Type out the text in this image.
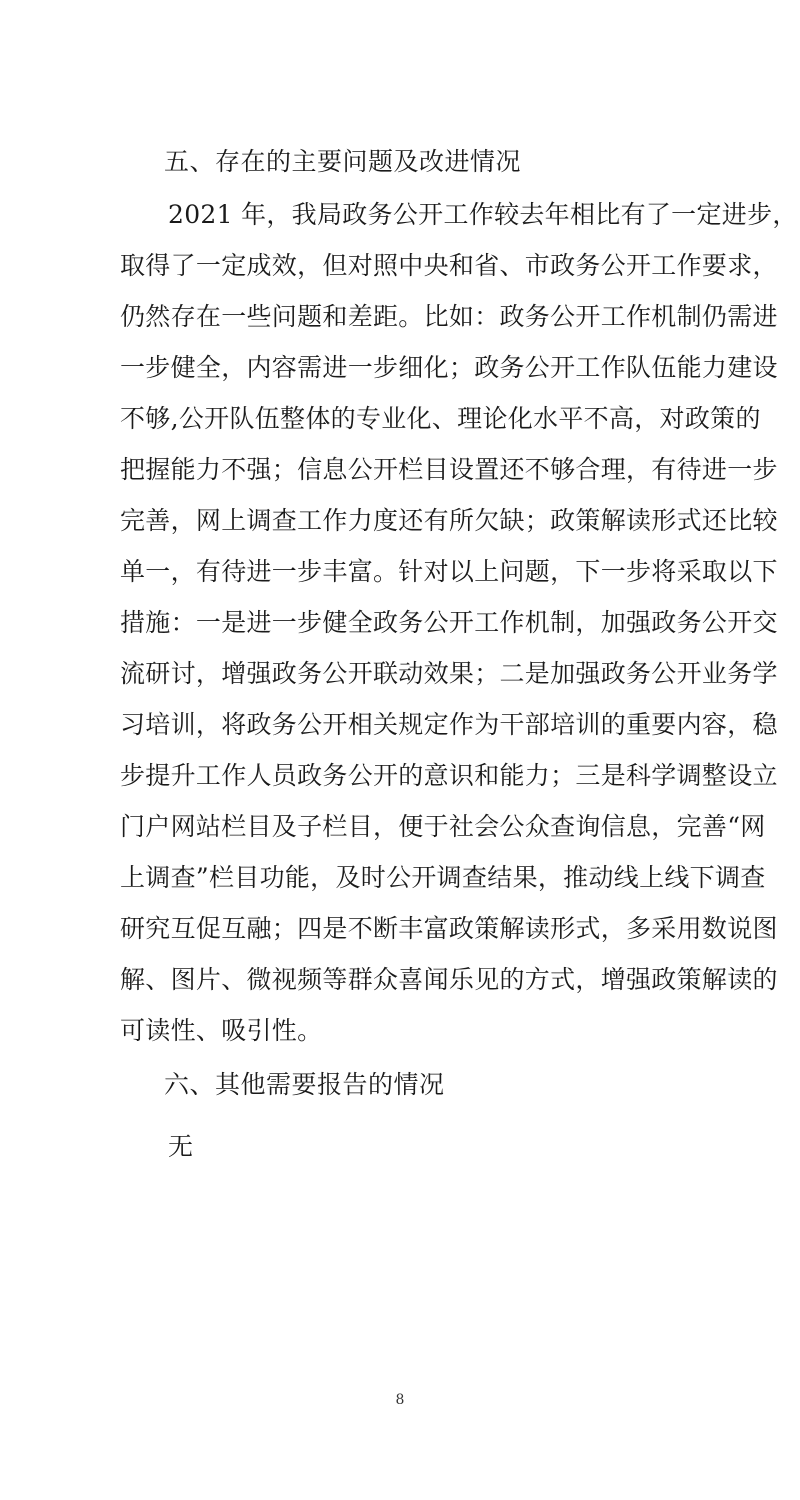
五、存在的主要问题及改进情况
2021 年，我局政务公开工作较去年相比有了一定进步，
取得了一定成效，但对照中央和省、市政务公开工作要求，
仍然存在一些问题和差距。比如：政务公开工作机制仍需进
一步健全，内容需进一步细化；政务公开工作队伍能力建设
不够,公开队伍整体的专业化、理论化水平不高，对政策的
把握能力不强；信息公开栏目设置还不够合理，有待进一步
完善，网上调查工作力度还有所欠缺；政策解读形式还比较
单一，有待进一步丰富。针对以上问题，下一步将采取以下
措施：一是进一步健全政务公开工作机制，加强政务公开交
流研讨，增强政务公开联动效果；二是加强政务公开业务学
习培训，将政务公开相关规定作为干部培训的重要内容，稳
步提升工作人员政务公开的意识和能力；三是科学调整设立
门户网站栏目及子栏目，便于社会公众查询信息，完善“网
上调查”栏目功能，及时公开调查结果，推动线上线下调查
研究互促互融；四是不断丰富政策解读形式，多采用数说图
解、图片、微视频等群众喜闻乐见的方式，增强政策解读的
可读性、吸引性。
六、其他需要报告的情况

无

8
